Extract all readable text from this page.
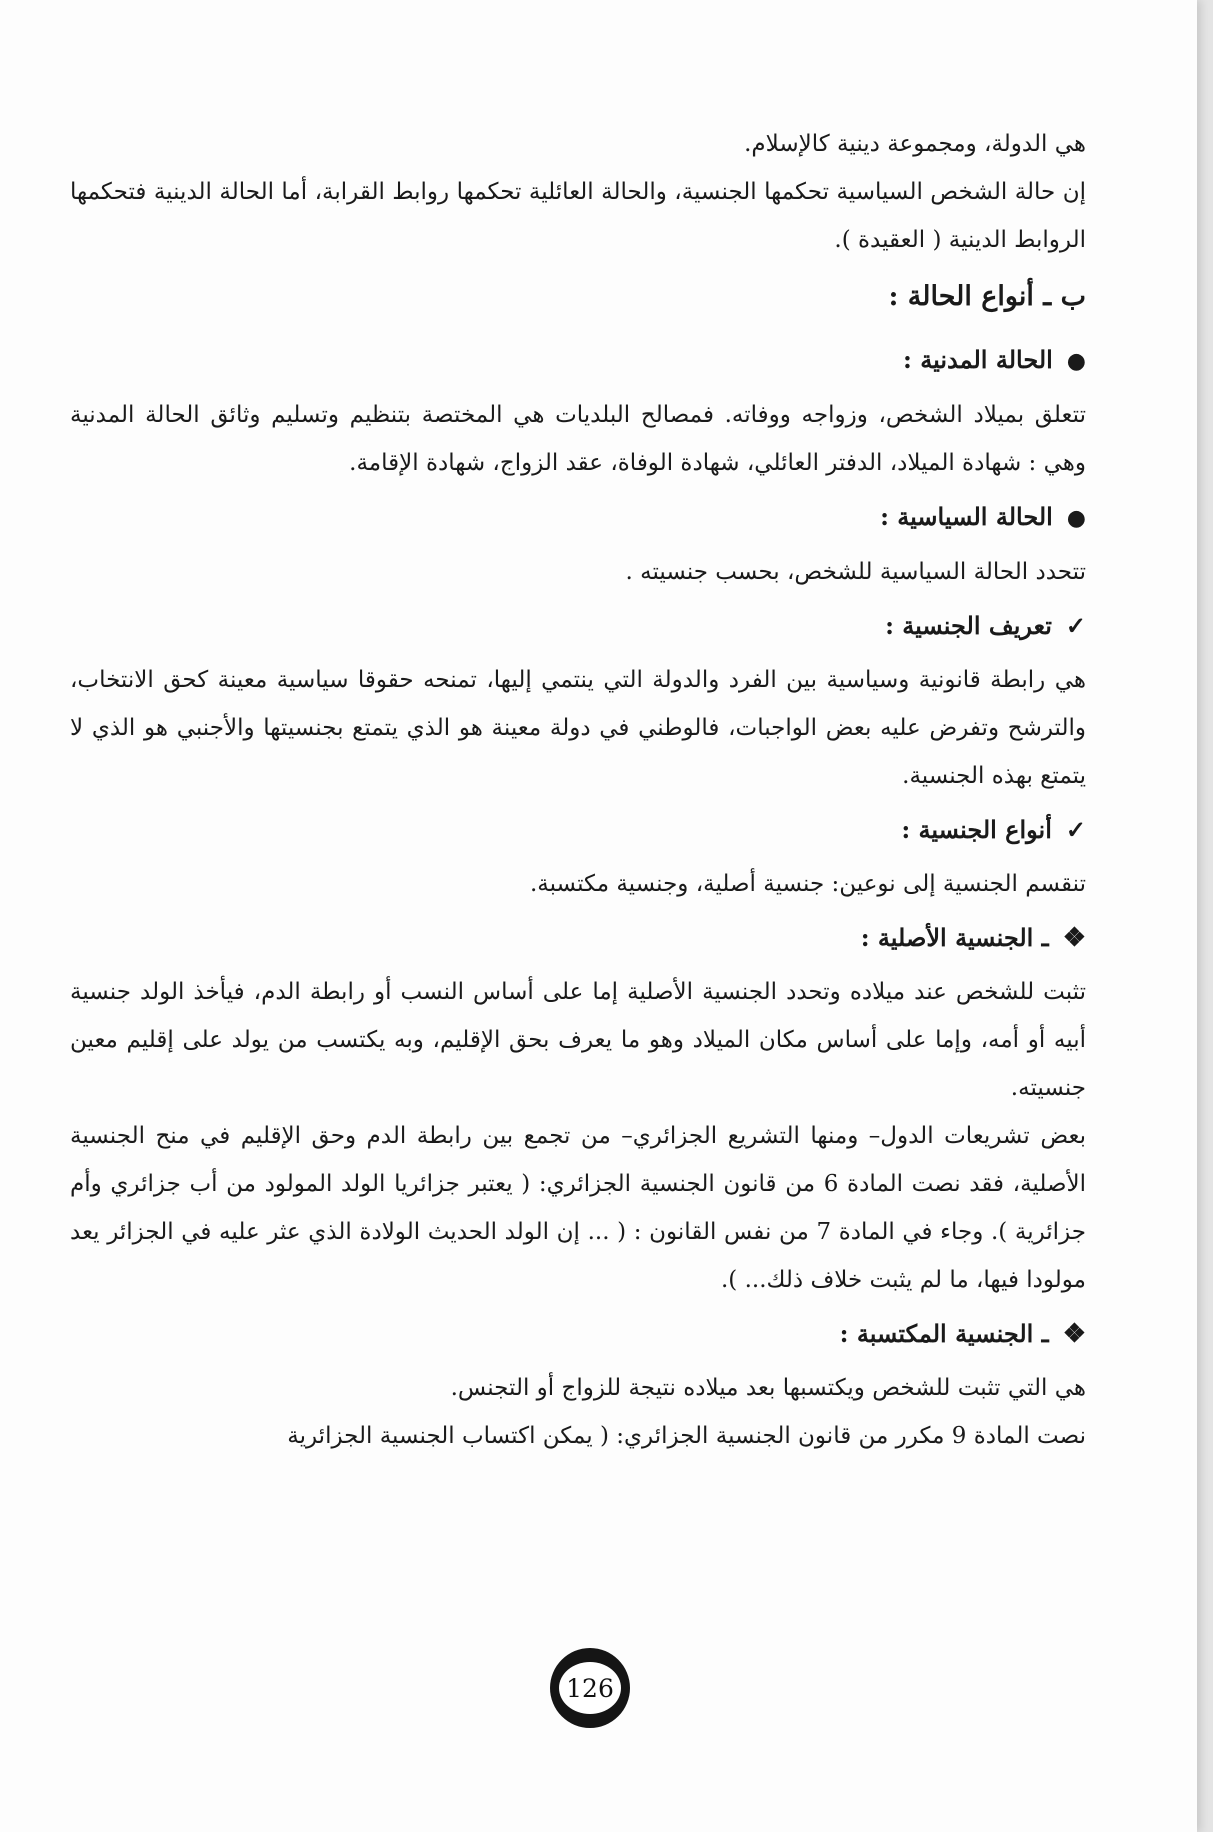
هي الدولة، ومجموعة دينية كالإسلام.

إن حالة الشخص السياسية تحكمها الجنسية، والحالة العائلية تحكمها روابط القرابة، أما الحالة الدينية فتحكمها الروابط الدينية ( العقيدة ).

ب ـ أنواع الحالة :
●الحالة المدنية :

تتعلق بميلاد الشخص، وزواجه ووفاته. فمصالح البلديات هي المختصة بتنظيم وتسليم وثائق الحالة المدنية وهي : شهادة الميلاد، الدفتر العائلي، شهادة الوفاة، عقد الزواج، شهادة الإقامة.

●الحالة السياسية :

تتحدد الحالة السياسية للشخص، بحسب جنسيته .

✓تعريف الجنسية :

هي رابطة قانونية وسياسية بين الفرد والدولة التي ينتمي إليها، تمنحه حقوقا سياسية معينة كحق الانتخاب، والترشح وتفرض عليه بعض الواجبات، فالوطني في دولة معينة هو الذي يتمتع بجنسيتها والأجنبي هو الذي لا يتمتع بهذه الجنسية.

✓أنواع الجنسية :

تنقسم الجنسية إلى نوعين: جنسية أصلية، وجنسية مكتسبة.

❖ـ الجنسية الأصلية :

تثبت للشخص عند ميلاده وتحدد الجنسية الأصلية إما على أساس النسب أو رابطة الدم، فيأخذ الولد جنسية أبيه أو أمه، وإما على أساس مكان الميلاد وهو ما يعرف بحق الإقليم، وبه يكتسب من يولد على إقليم معين جنسيته.

بعض تشريعات الدول– ومنها التشريع الجزائري– من تجمع بين رابطة الدم وحق الإقليم في منح الجنسية الأصلية، فقد نصت المادة 6 من قانون الجنسية الجزائري: ( يعتبر جزائريا الولد المولود من أب جزائري وأم جزائرية ). وجاء في المادة 7 من نفس القانون : ( ... إن الولد الحديث الولادة الذي عثر عليه في الجزائر يعد مولودا فيها، ما لم يثبت خلاف ذلك... ).

❖ـ الجنسية المكتسبة :

هي التي تثبت للشخص ويكتسبها بعد ميلاده نتيجة للزواج أو التجنس.

نصت المادة 9 مكرر من قانون الجنسية الجزائري: ( يمكن اكتساب الجنسية الجزائرية

126
